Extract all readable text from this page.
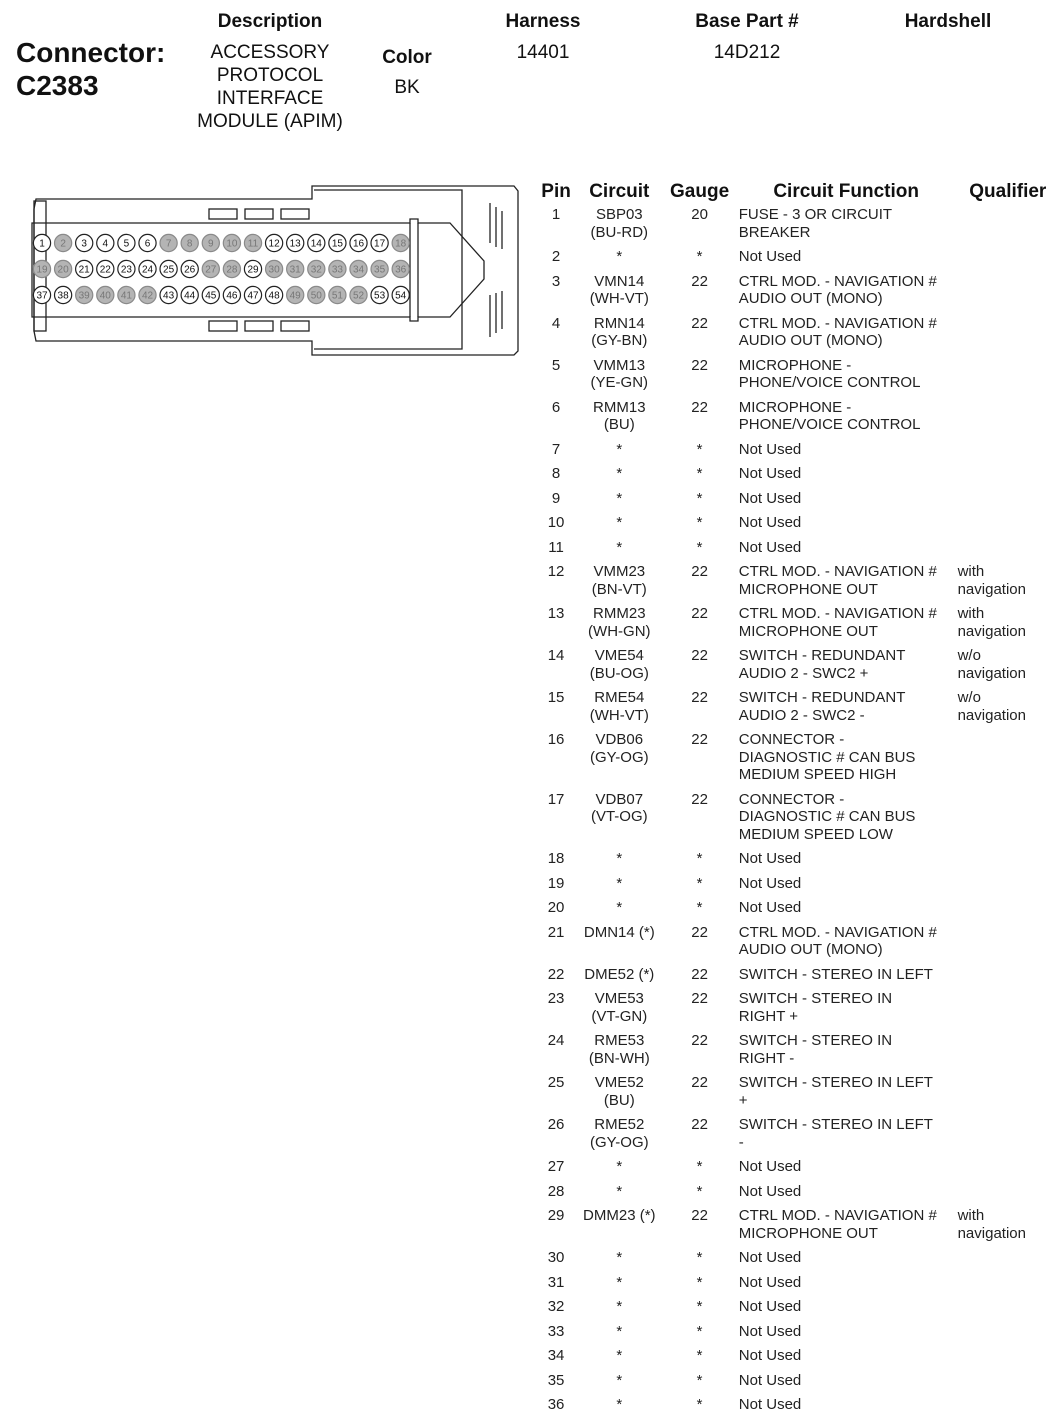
Connector:
C2383
Description
ACCESSORY
PROTOCOL
INTERFACE
MODULE (APIM)
Color
BK
Harness
14401
Base Part #
14D212
Hardshell
1 2 3 4 5 6 7 8 9 10 11 12 13 14 15 16 17 18
19 20 21 22 23 24 25 26 27 28 29 30 31 32 33 34 35 36
37 38 39 40 41 42 43 44 45 46 47 48 49 50 51 52 53 54
Pin	Circuit	Gauge	Circuit Function	Qualifier

1	SBP03
(BU-RD)	20	FUSE - 3 OR CIRCUIT
BREAKER	

2	*	*	Not Used	

3	VMN14
(WH-VT)	22	CTRL MOD. - NAVIGATION #
AUDIO OUT (MONO)	

4	RMN14
(GY-BN)	22	CTRL MOD. - NAVIGATION #
AUDIO OUT (MONO)	

5	VMM13
(YE-GN)	22	MICROPHONE -
PHONE/VOICE CONTROL	

6	RMM13
(BU)	22	MICROPHONE -
PHONE/VOICE CONTROL	

7	*	*	Not Used	

8	*	*	Not Used	

9	*	*	Not Used	

10	*	*	Not Used	

11	*	*	Not Used	

12	VMM23
(BN-VT)	22	CTRL MOD. - NAVIGATION #
MICROPHONE OUT	with
navigation

13	RMM23
(WH-GN)	22	CTRL MOD. - NAVIGATION #
MICROPHONE OUT	with
navigation

14	VME54
(BU-OG)	22	SWITCH - REDUNDANT
AUDIO 2 - SWC2 +	w/o
navigation

15	RME54
(WH-VT)	22	SWITCH - REDUNDANT
AUDIO 2 - SWC2 -	w/o
navigation

16	VDB06
(GY-OG)	22	CONNECTOR -
DIAGNOSTIC # CAN BUS
MEDIUM SPEED HIGH	

17	VDB07
(VT-OG)	22	CONNECTOR -
DIAGNOSTIC # CAN BUS
MEDIUM SPEED LOW	

18	*	*	Not Used	

19	*	*	Not Used	

20	*	*	Not Used	

21	DMN14 (*)	22	CTRL MOD. - NAVIGATION #
AUDIO OUT (MONO)	

22	DME52 (*)	22	SWITCH - STEREO IN LEFT	

23	VME53
(VT-GN)	22	SWITCH - STEREO IN
RIGHT +	

24	RME53
(BN-WH)	22	SWITCH - STEREO IN
RIGHT -	

25	VME52
(BU)	22	SWITCH - STEREO IN LEFT
+	

26	RME52
(GY-OG)	22	SWITCH - STEREO IN LEFT
-	

27	*	*	Not Used	

28	*	*	Not Used	

29	DMM23 (*)	22	CTRL MOD. - NAVIGATION #
MICROPHONE OUT	with
navigation

30	*	*	Not Used	

31	*	*	Not Used	

32	*	*	Not Used	

33	*	*	Not Used	

34	*	*	Not Used	

35	*	*	Not Used	

36	*	*	Not Used	
